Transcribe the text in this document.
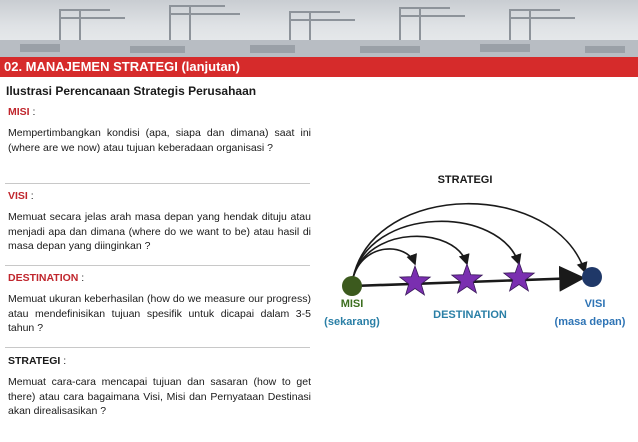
02. MANAJEMEN STRATEGI (lanjutan)
Ilustrasi Perencanaan Strategis Perusahaan
MISI :
Mempertimbangkan kondisi (apa, siapa dan dimana) saat ini (where are we now) atau tujuan keberadaan organisasi ?
VISI :
Memuat secara jelas arah masa depan yang hendak dituju atau menjadi apa dan dimana (where do we want to be) atau hasil di masa depan yang diinginkan ?
DESTINATION :
Memuat ukuran keberhasilan (how do we measure our progress) atau mendefinisikan tujuan spesifik untuk dicapai dalam 3-5 tahun ?
STRATEGI :
Memuat cara-cara mencapai tujuan dan sasaran (how to get there) atau cara bagaimana Visi, Misi dan Pernyataan Destinasi akan direalisasikan ?
STRATEGI
MISI
(sekarang)
DESTINATION
VISI
(masa depan)
